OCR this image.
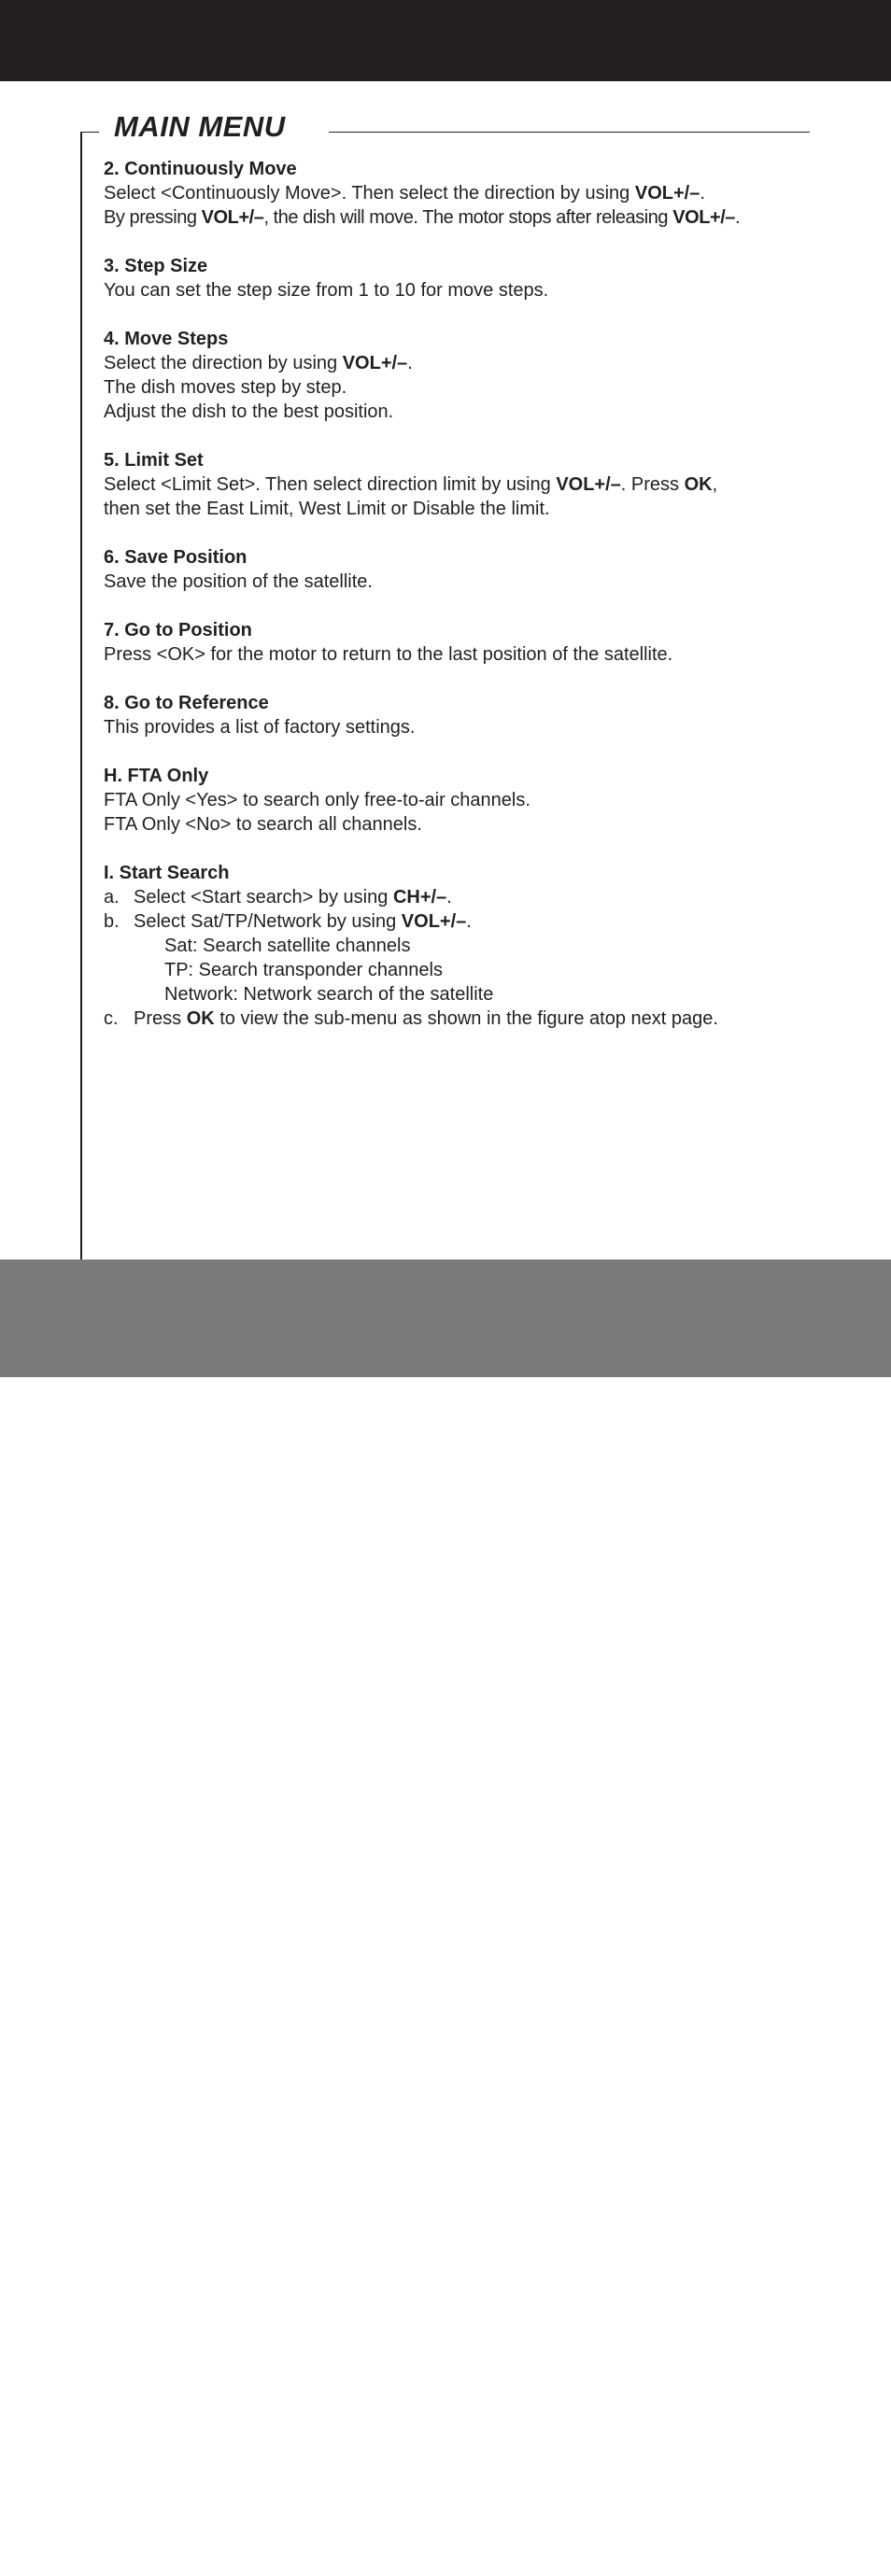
MAIN MENU
2. Continuously Move

Select <Continuously Move>. Then select the direction by using VOL+/–.

By pressing VOL+/–, the dish will move. The motor stops after releasing VOL+/–.

3. Step Size

You can set the step size from 1 to 10 for move steps.

4. Move Steps

Select the direction by using VOL+/–.

The dish moves step by step.

Adjust the dish to the best position.

5. Limit Set

Select <Limit Set>. Then select direction limit by using VOL+/–. Press OK,

then set the East Limit, West Limit or Disable the limit.

6. Save Position

Save the position of the satellite.

7. Go to Position

Press <OK> for the motor to return to the last position of the satellite.

8. Go to Reference

This provides a list of factory settings.

H. FTA Only

FTA Only <Yes> to search only free-to-air channels.

FTA Only <No> to search all channels.

I. Start Search
a. Select <Start search> by using CH+/–.
b. Select Sat/TP/Network by using VOL+/–.

Sat: Search satellite channels

TP: Search transponder channels

Network: Network search of the satellite

c. Press OK to view the sub-menu as shown in the figure atop next page.
26	4.3 Installation Settings
